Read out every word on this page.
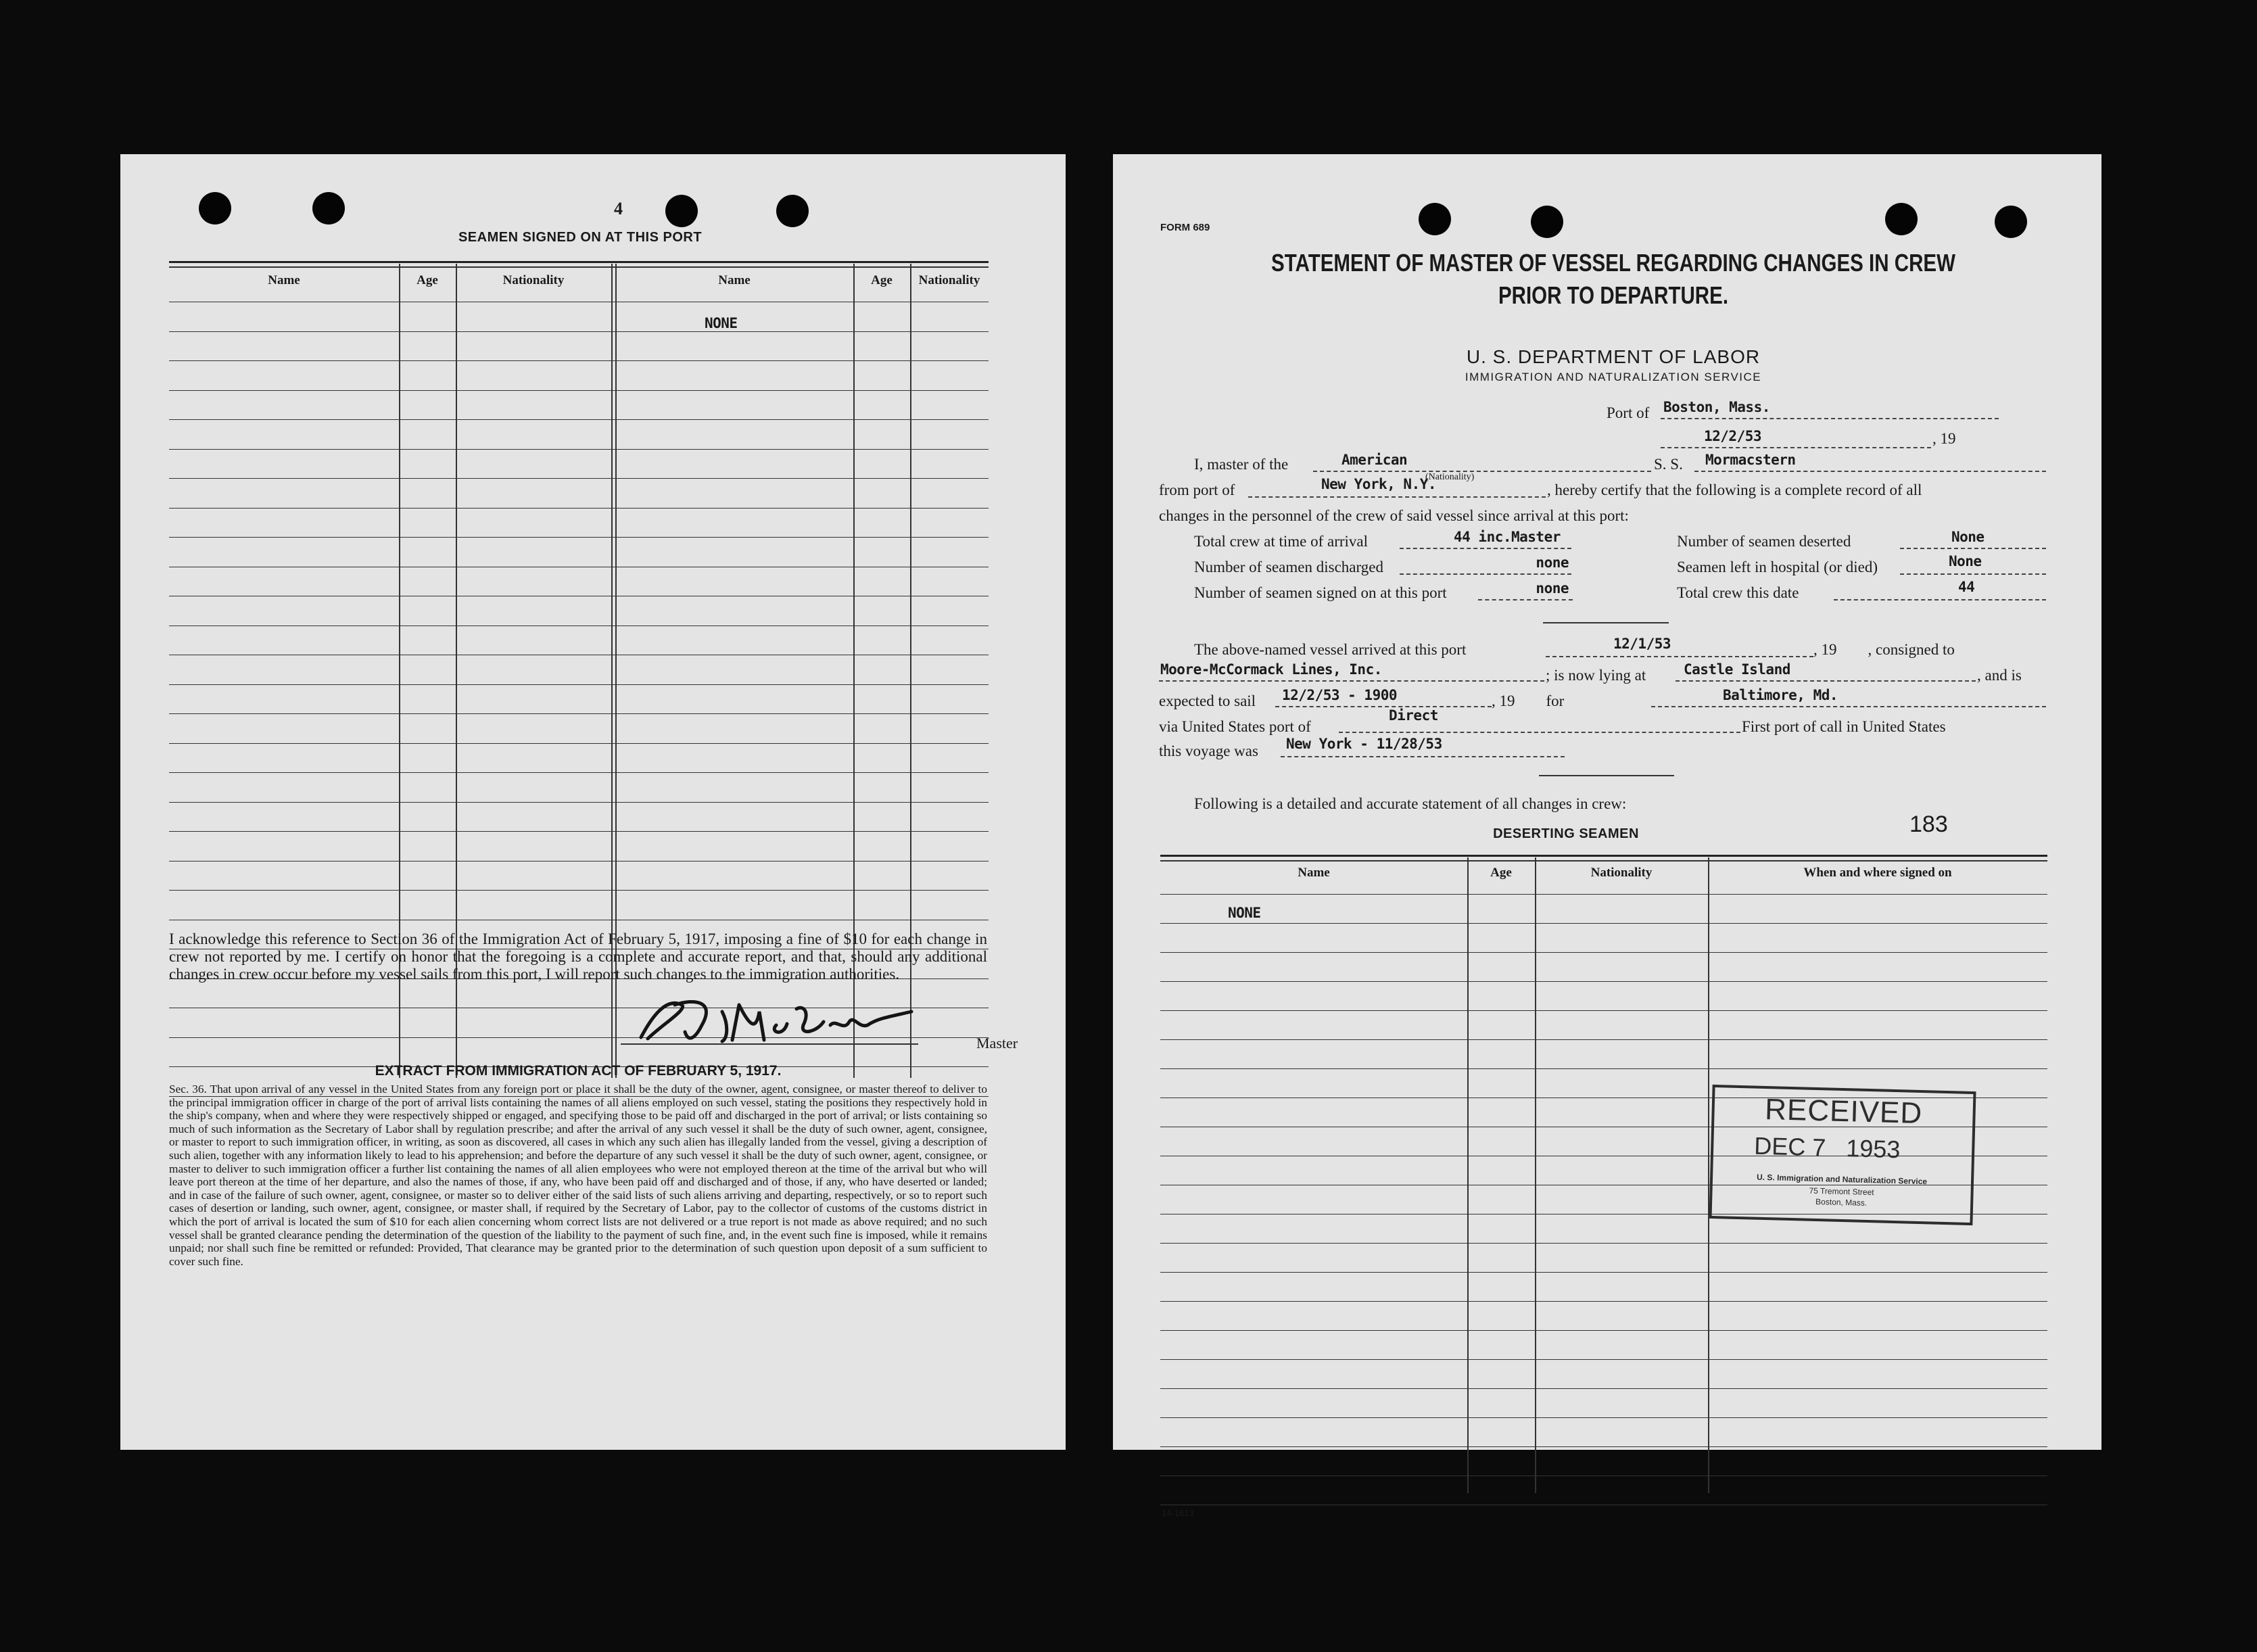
4
SEAMEN SIGNED ON AT THIS PORT
Name	Age	Nationality	Name	Age	Nationality
NONE
I acknowledge this reference to Section 36 of the Immigration Act of February 5, 1917, imposing a fine of $10 for each change in crew not reported by me. I certify on honor that the foregoing is a complete and accurate report, and that, should any additional changes in crew occur before my vessel sails from this port, I will report such changes to the immigration authorities.
Master
EXTRACT FROM IMMIGRATION ACT OF FEBRUARY 5, 1917.
Sec. 36. That upon arrival of any vessel in the United States from any foreign port or place it shall be the duty of the owner, agent, consignee, or master thereof to deliver to the principal immigration officer in charge of the port of arrival lists containing the names of all aliens employed on such vessel, stating the positions they respectively hold in the ship's company, when and where they were respectively shipped or engaged, and specifying those to be paid off and discharged in the port of arrival; or lists containing so much of such information as the Secretary of Labor shall by regulation prescribe; and after the arrival of any such vessel it shall be the duty of such owner, agent, consignee, or master to report to such immigration officer, in writing, as soon as discovered, all cases in which any such alien has illegally landed from the vessel, giving a description of such alien, together with any information likely to lead to his apprehension; and before the departure of any such vessel it shall be the duty of such owner, agent, consignee, or master to deliver to such immigration officer a further list containing the names of all alien employees who were not employed thereon at the time of the arrival but who will leave port thereon at the time of her departure, and also the names of those, if any, who have been paid off and discharged and of those, if any, who have deserted or landed; and in case of the failure of such owner, agent, consignee, or master so to deliver either of the said lists of such aliens arriving and departing, respectively, or so to report such cases of desertion or landing, such owner, agent, consignee, or master shall, if required by the Secretary of Labor, pay to the collector of customs of the customs district in which the port of arrival is located the sum of $10 for each alien concerning whom correct lists are not delivered or a true report is not made as above required; and no such vessel shall be granted clearance pending the determination of the question of the liability to the payment of such fine, and, in the event such fine is imposed, while it remains unpaid; nor shall such fine be remitted or refunded: Provided, That clearance may be granted prior to the determination of such question upon deposit of a sum sufficient to cover such fine.
FORM 689
STATEMENT OF MASTER OF VESSEL REGARDING CHANGES IN CREW
PRIOR TO DEPARTURE.
U. S. DEPARTMENT OF LABOR
IMMIGRATION AND NATURALIZATION SERVICE
Port of Boston, Mass.
12/2/53	, 19
I, master of the	American
(Nationality)
S. S. Mormacstern
from port of	New York, N.Y.	, hereby certify that the following is a complete record of all
changes in the personnel of the crew of said vessel since arrival at this port:
Total crew at time of arrival	44 inc.Master	Number of seamen deserted	None
Number of seamen discharged	none	Seamen left in hospital (or died)	None
Number of seamen signed on at this port	none	Total crew this date	44
The above-named vessel arrived at this port	12/1/53	, 19        , consigned to
Moore-McCormack Lines, Inc.	; is now lying at	Castle Island	, and is
expected to sail 12/2/53 - 1900	, 19        for	Baltimore, Md.
via United States port of
Direct
First port of call in United States
this voyage was New York - 11/28/53
Following is a detailed and accurate statement of all changes in crew:
183
DESERTING SEAMEN
Name	Age	Nationality	When and where signed on
NONE
RECEIVED
DEC 7   1953
U. S. Immigration and Naturalization Service
75 Tremont Street
Boston, Mass.
14-1613
